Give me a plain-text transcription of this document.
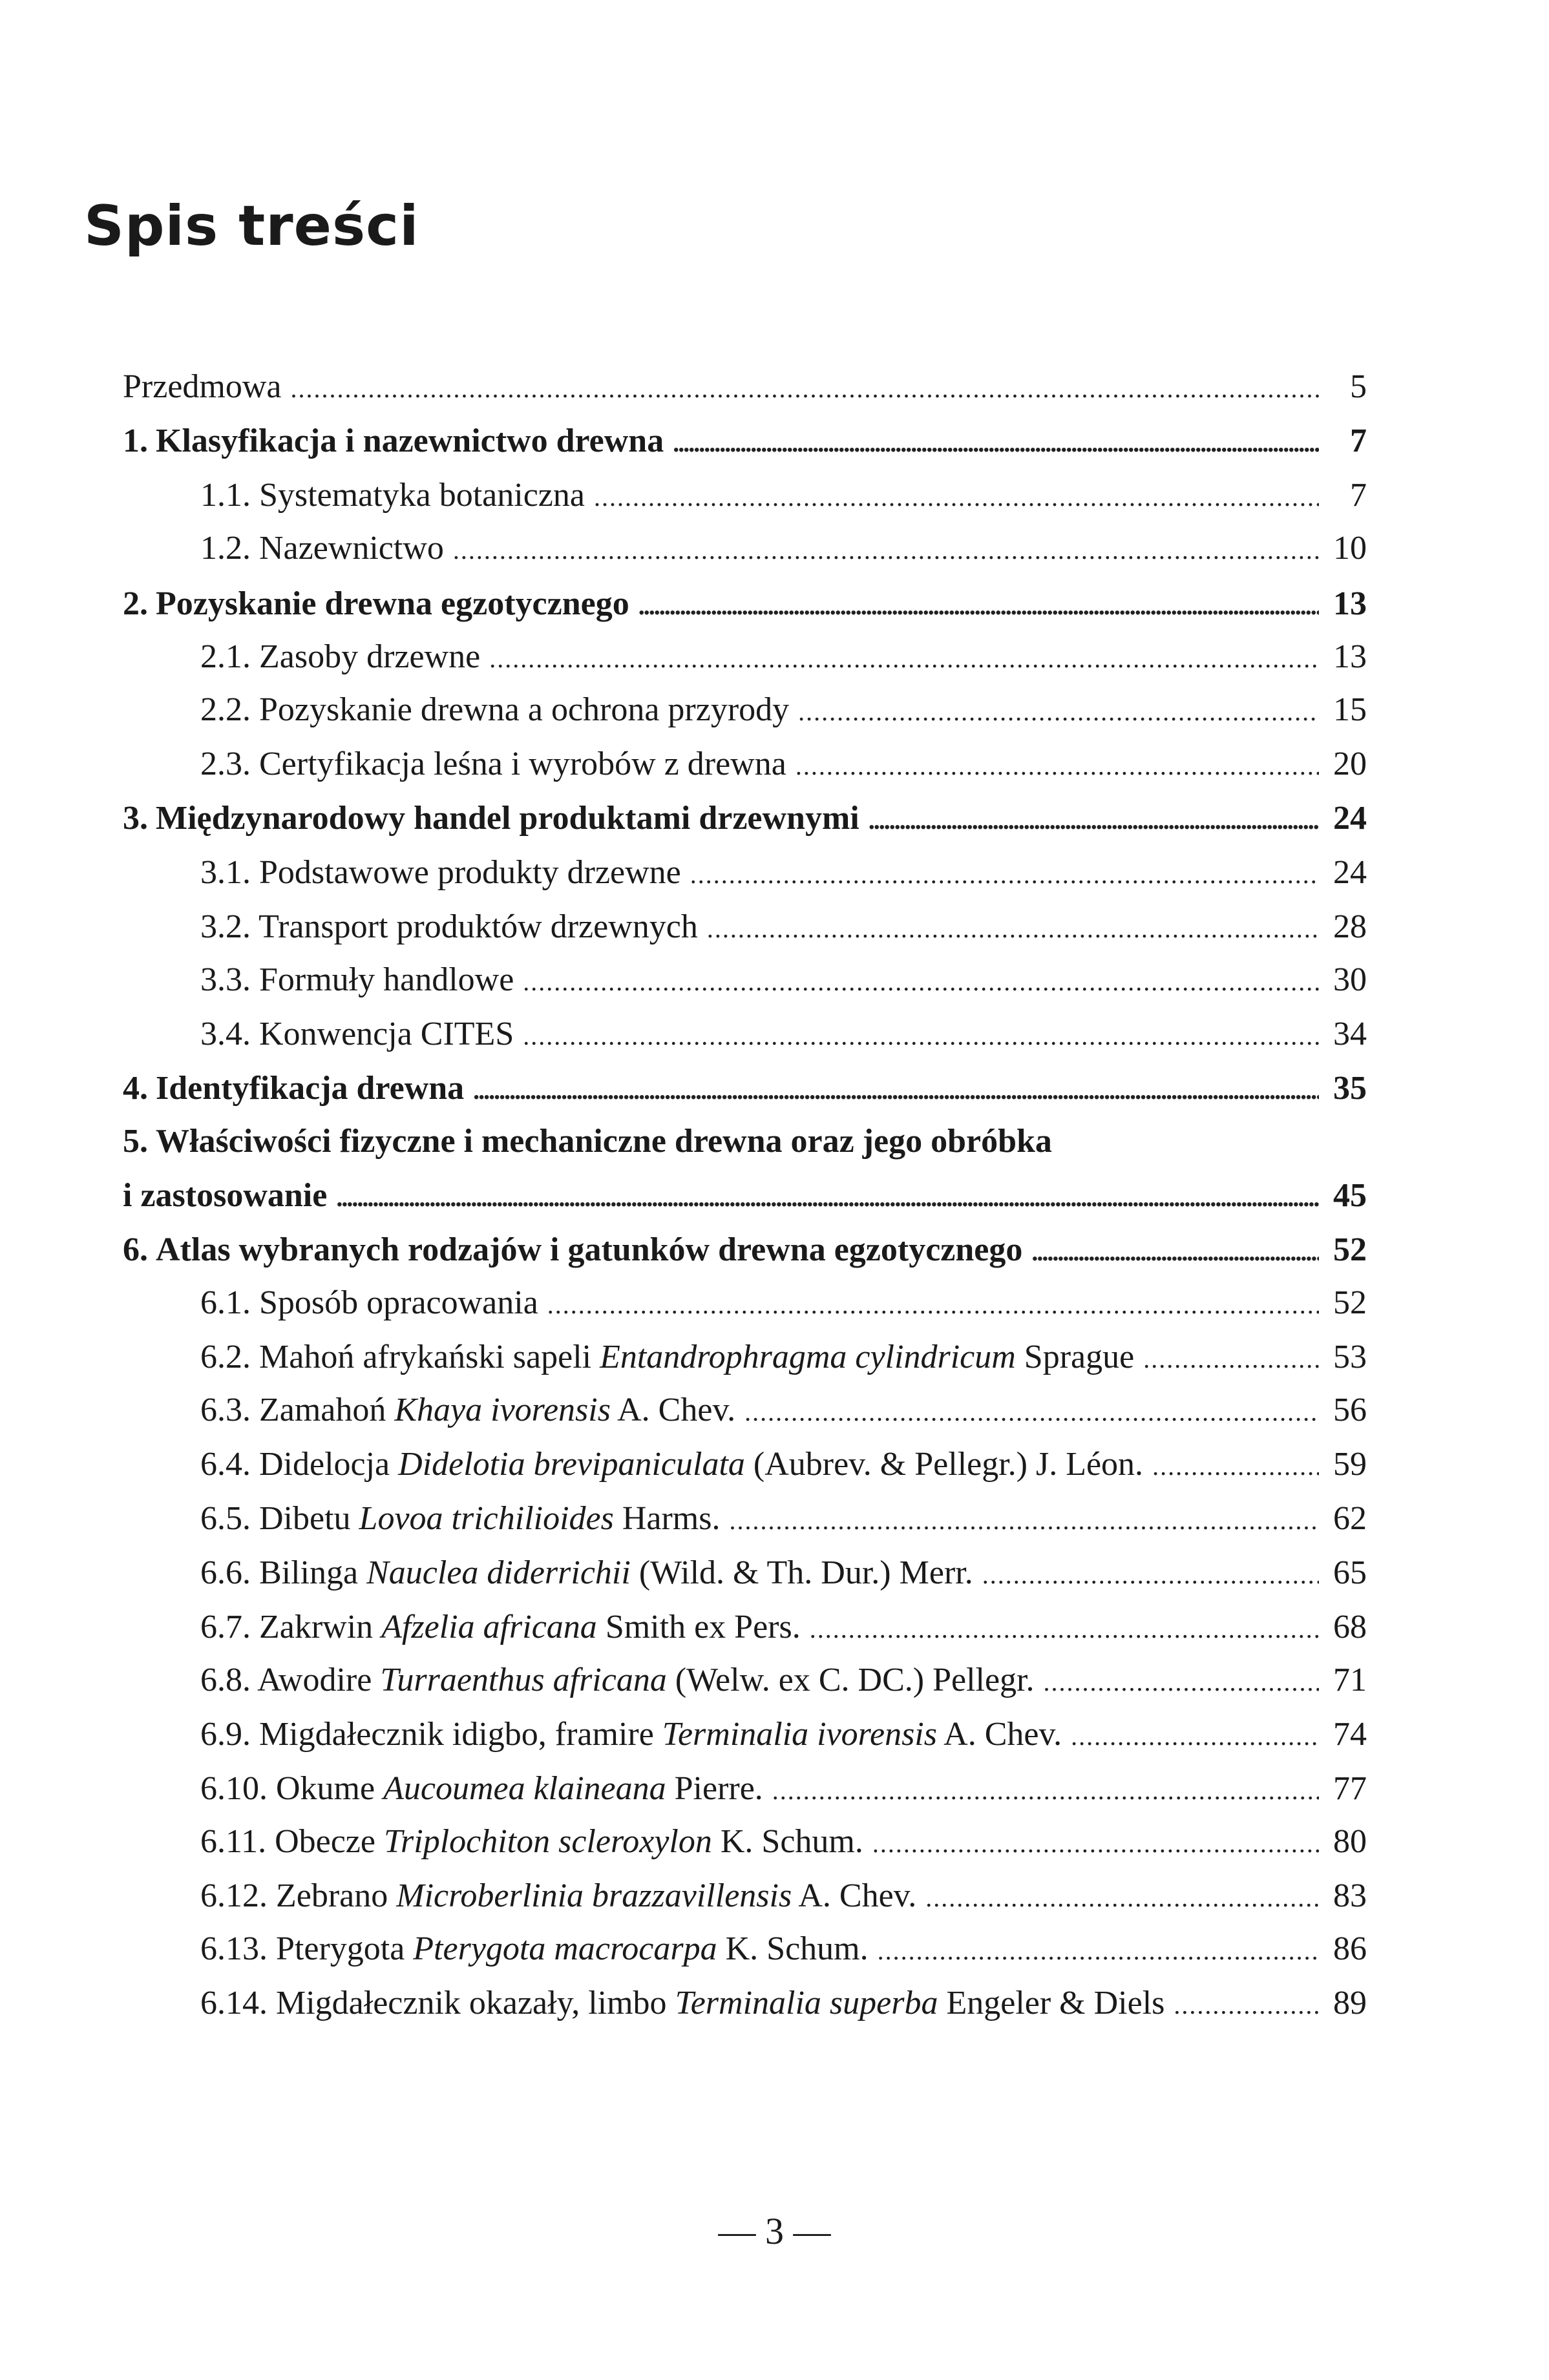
Spis treści
Przedmowa . . .	5
1. Klasyfikacja i nazewnictwo drewna . . .	7
1.1. Systematyka botaniczna . . .	7
1.2. Nazewnictwo . . .	10
2. Pozyskanie drewna egzotycznego . . .	13
2.1. Zasoby drzewne . . .	13
2.2. Pozyskanie drewna a ochrona przyrody . . .	15
2.3. Certyfikacja leśna i wyrobów z drewna . . .	20
3. Międzynarodowy handel produktami drzewnymi . . .	24
3.1. Podstawowe produkty drzewne . . .	24
3.2. Transport produktów drzewnych . . .	28
3.3. Formuły handlowe . . .	30
3.4. Konwencja CITES . . .	34
4. Identyfikacja drewna . . .	35
5. Właściwości fizyczne i mechaniczne drewna oraz jego obróbka
i zastosowanie . . .	45
6. Atlas wybranych rodzajów i gatunków drewna egzotycznego . . .	52
6.1. Sposób opracowania . . .	52
6.2. Mahoń afrykański sapeli Entandrophragma cylindricum Sprague . . .	53
6.3. Zamahoń Khaya ivorensis A. Chev. . . .	56
6.4. Didelocja Didelotia brevipaniculata (Aubrev. & Pellegr.) J. Léon. . . .	59
6.5. Dibetu Lovoa trichilioides Harms. . . .	62
6.6. Bilinga Nauclea diderrichii (Wild. & Th. Dur.) Merr. . . .	65
6.7. Zakrwin Afzelia africana Smith ex Pers. . . .	68
6.8. Awodire Turraenthus africana (Welw. ex C. DC.) Pellegr. . . .	71
6.9. Migdałecznik idigbo, framire Terminalia ivorensis A. Chev. . . .	74
6.10. Okume Aucoumea klaineana Pierre. . . .	77
6.11. Obecze Triplochiton scleroxylon K. Schum. . . .	80
6.12. Zebrano Microberlinia brazzavillensis A. Chev. . . .	83
6.13. Pterygota Pterygota macrocarpa K. Schum. . . .	86
6.14. Migdałecznik okazały, limbo Terminalia superba Engeler & Diels . . .	89
— 3 —
